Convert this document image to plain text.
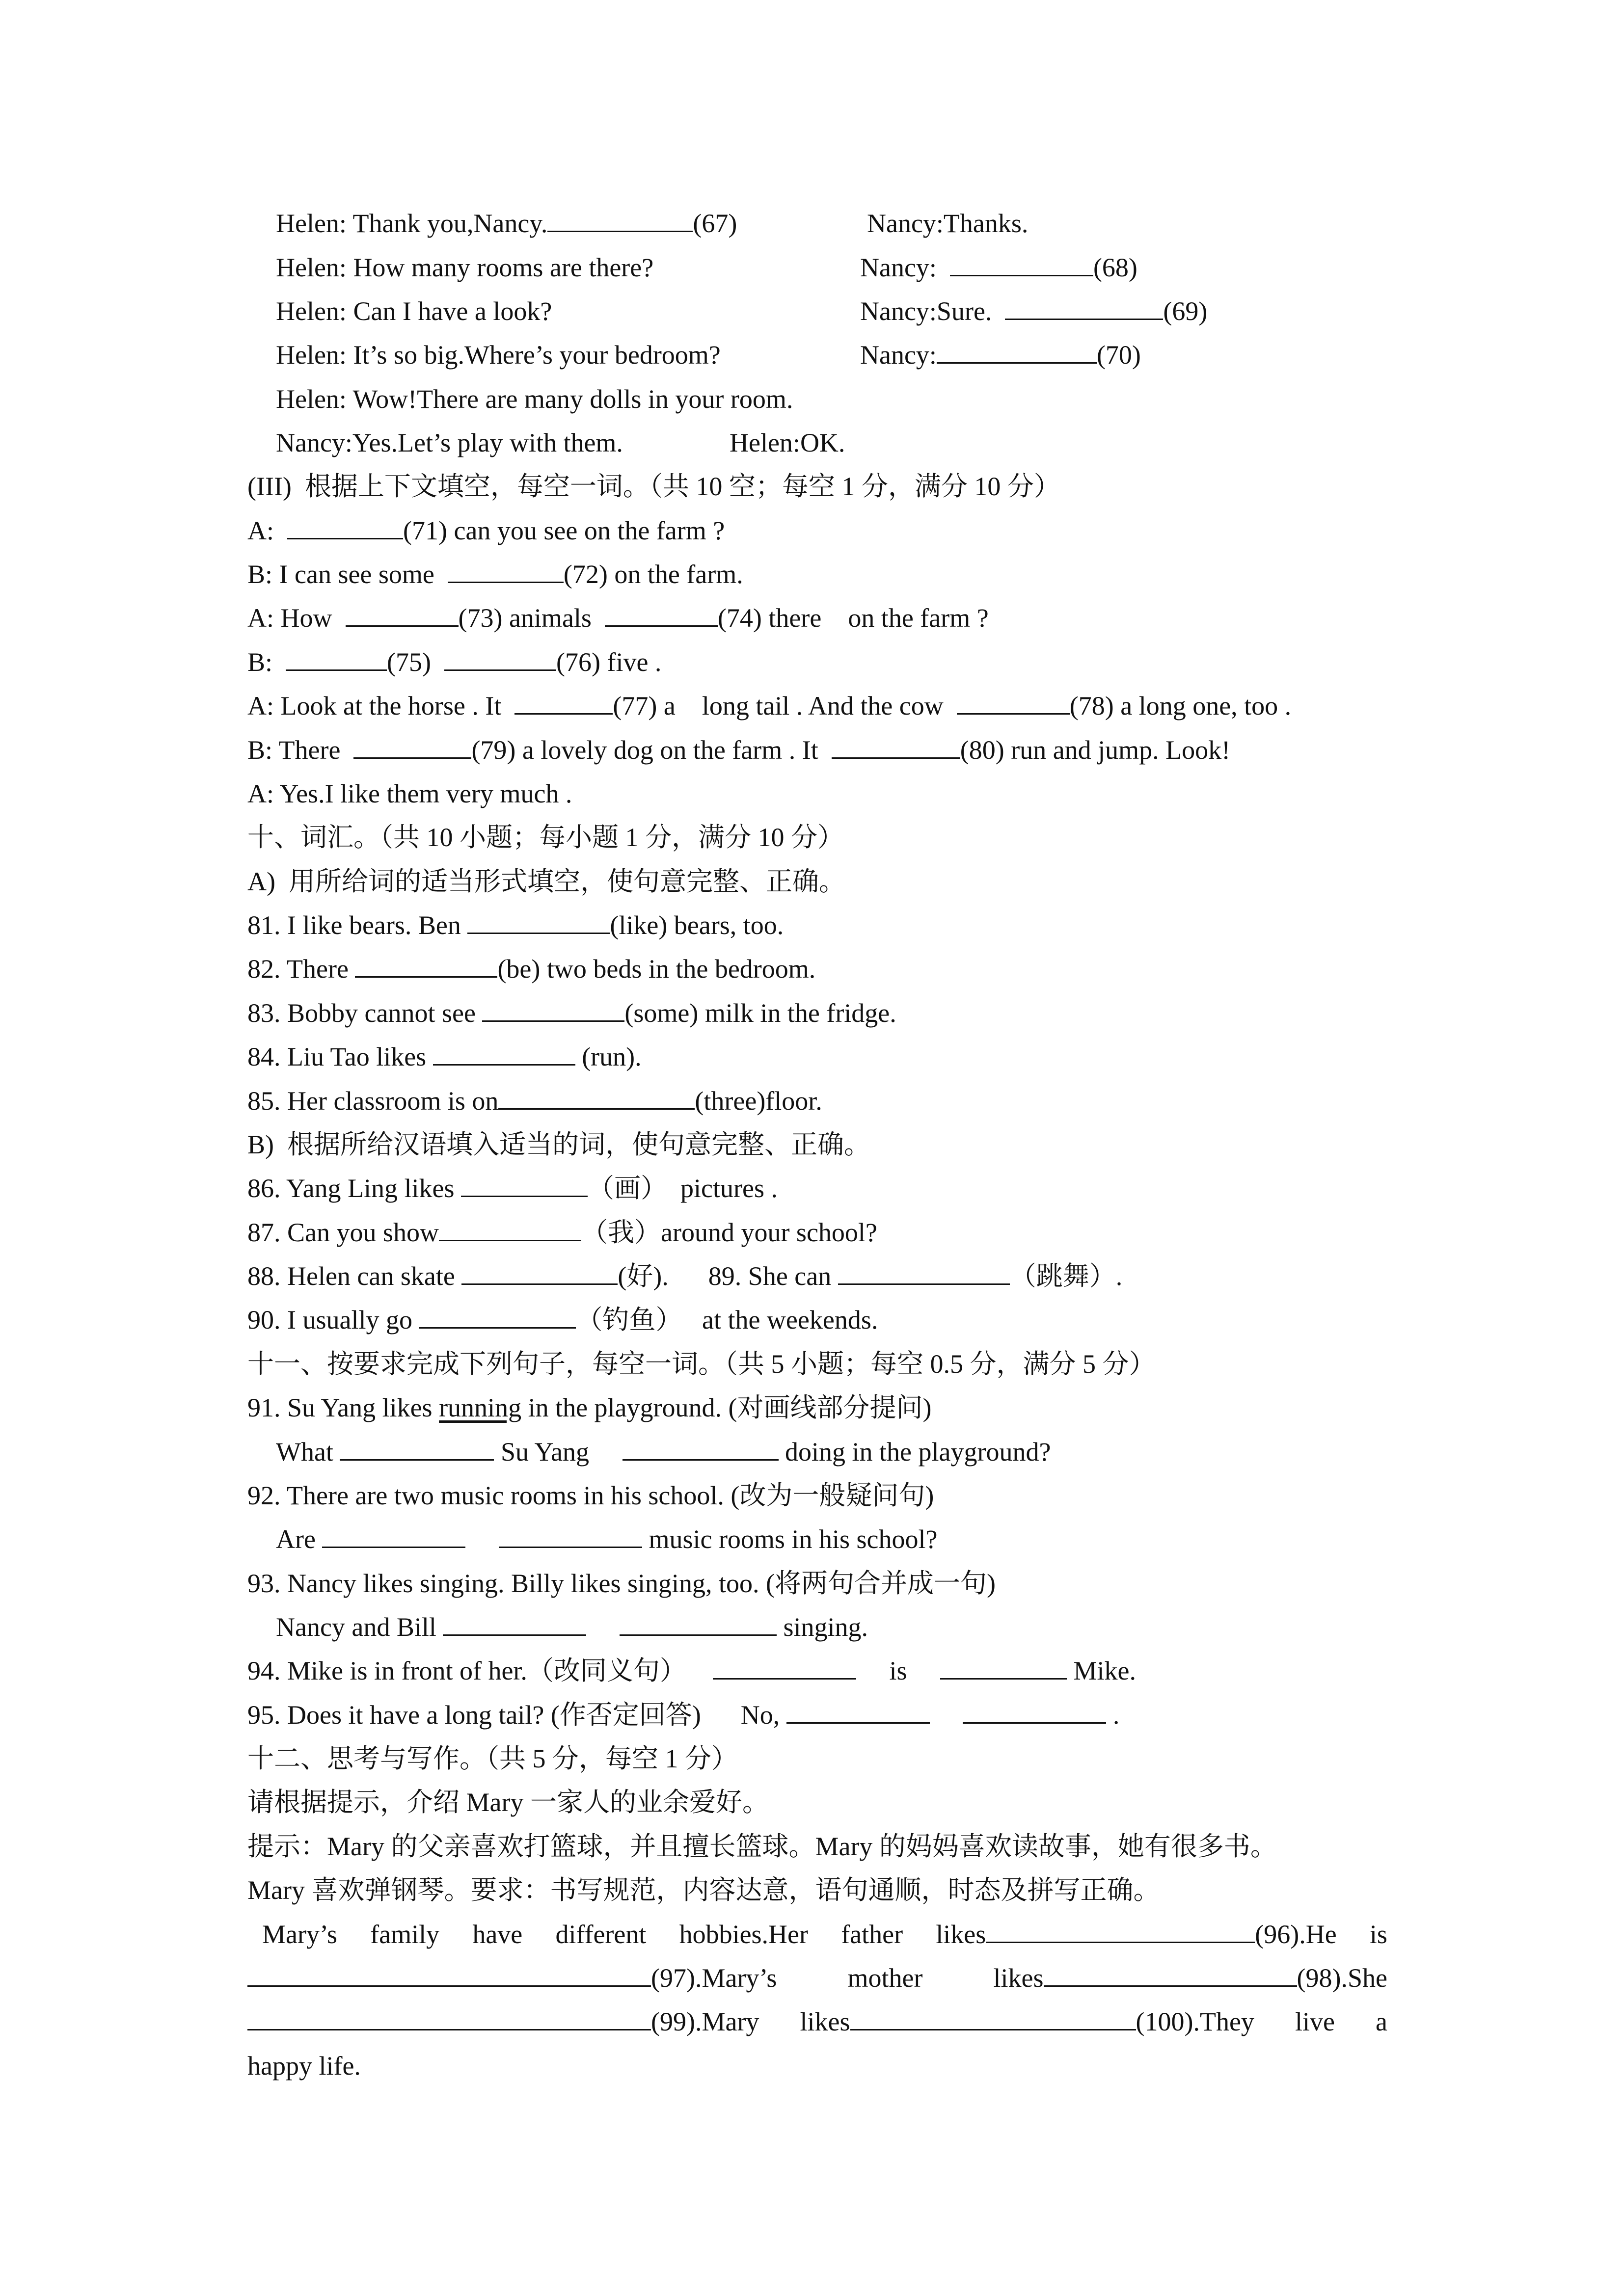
Helen: Thank you,Nancy.	(67)	Nancy:Thanks.
Helen: How many rooms are there?	Nancy:	(68)
Helen: Can I have a look?	Nancy:Sure.	(69)
Helen: It’s so big.Where’s your bedroom?	Nancy:	(70)
Helen: Wow!There are many dolls in your room.
Nancy:Yes.Let’s play with them.	Helen:OK.
(III)  根据上下文填空，每空一词。（共 10 空；每空 1 分，满分 10 分）
A:	(71) can you see on the farm ?
B: I can see some	(72) on the farm.
A: How	(73) animals	(74) there    on the farm ?
B:	(75)	(76) five .
A: Look at the horse . It	(77) a    long tail . And the cow	(78) a long one, too .
B: There	(79) a lovely dog on the farm . It	(80) run and jump. Look!
A: Yes.I like them very much .
十、词汇。（共 10 小题；每小题 1 分，满分 10 分）
A)  用所给词的适当形式填空，使句意完整、正确。
81. I like bears. Ben	(like) bears, too.
82. There	(be) two beds in the bedroom.
83. Bobby cannot see	(some) milk in the fridge.
84. Liu Tao likes	(run).
85. Her classroom is on	(three)floor.
B)  根据所给汉语填入适当的词，使句意完整、正确。
86. Yang Ling likes	（画）  pictures .
87. Can you show	（我）around your school?
88. Helen can skate	(好).      89. She can	（跳舞）.
90. I usually go	（钓鱼）   at the weekends.
十一、按要求完成下列句子，每空一词。（共 5 小题；每空 0.5 分，满分 5 分）
91. Su Yang likes running in the playground. (对画线部分提问)
What	Su Yang	doing in the playground?
92. There are two music rooms in his school. (改为一般疑问句)
Are	music rooms in his school?
93. Nancy likes singing. Billy likes singing, too. (将两句合并成一句)
Nancy and Bill	singing.
94. Mike is in front of her.（改同义句）	is	Mike.
95. Does it have a long tail? (作否定回答)      No,	.
十二、思考与写作。（共 5 分，每空 1 分）
请根据提示，介绍 Mary 一家人的业余爱好。
提示：Mary 的父亲喜欢打篮球，并且擅长篮球。Mary 的妈妈喜欢读故事，她有很多书。
Mary 喜欢弹钢琴。要求：书写规范，内容达意，语句通顺，时态及拼写正确。
Mary’s family have different hobbies.Her father likes	(96).He is
(97).Mary’s	mother	likes	(98).She
(99).Mary likes	(100).They live a
happy life.
